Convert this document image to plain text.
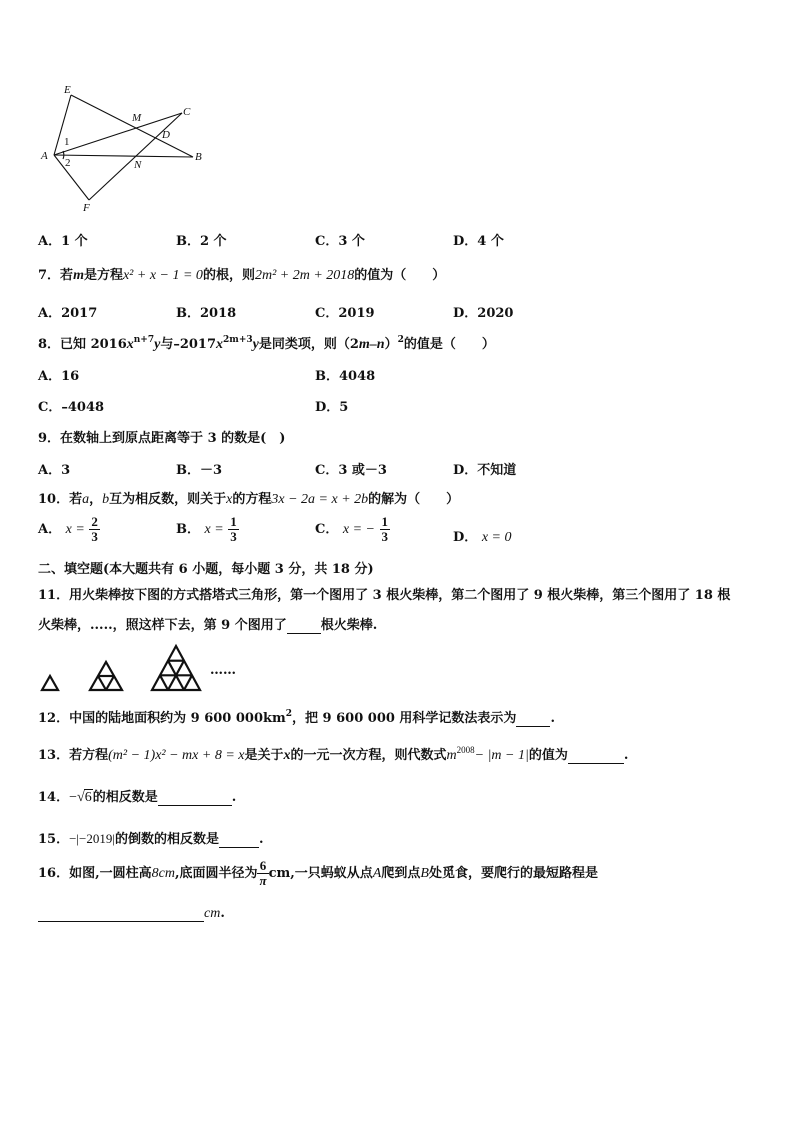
E
C
M
D
A
1
2	N
B
F
A．1 个	B．2 个	C．3 个	D．4 个
7．若m是方程x² + x − 1 = 0的根，则2m² + 2m + 2018的值为（　　）
A．2017	B．2018	C．2019	D．2020
8．已知 $2016x^{n+7}y$与$-2017x^{2m+3}y$是同类项，则$(2m-n)^2$的值是（　　）
A．16	B．4048
C．–4048	D．5
9．在数轴上到原点距离等于 3 的数是(　)
A．3	B．－3	C．3 或－3	D．不知道
10．若a，b互为相反数，则关于x的方程3x − 2a = x + 2b的解为（　　）
A． $x = \frac{2}{3}$	B． $x = \frac{1}{3}$	C． x = − $\frac{1}{3}$	D． x = 0
二、填空题(本大题共有 6 小题，每小题 3 分，共 18 分)
11．用火柴棒按下图的方式搭塔式三角形，第一个图用了 3 根火柴棒，第二个图用了 9 根火柴棒，第三个图用了 18 根
火柴棒，.....，照这样下去，第 9 个图用了	根火柴棒.
……
12．中国的陆地面积约为 9 600 $000km^2$，把 9 600 000 用科学记数法表示为	.
13．若方程(m² − 1)x² − mx + 8 = x是关于x的一元一次方程，则代数式$m^{2008}- |m - 1|$的值为	.
14．−√6的相反数是	.
15．−|−2019|的倒数的相反数是	.
16．如图,一圆柱高8cm,底面圆半径为 $\frac{6}{\pi}$ cm,一只蚂蚁从点A爬到点B处觅食，要爬行的最短路程是
cm.
